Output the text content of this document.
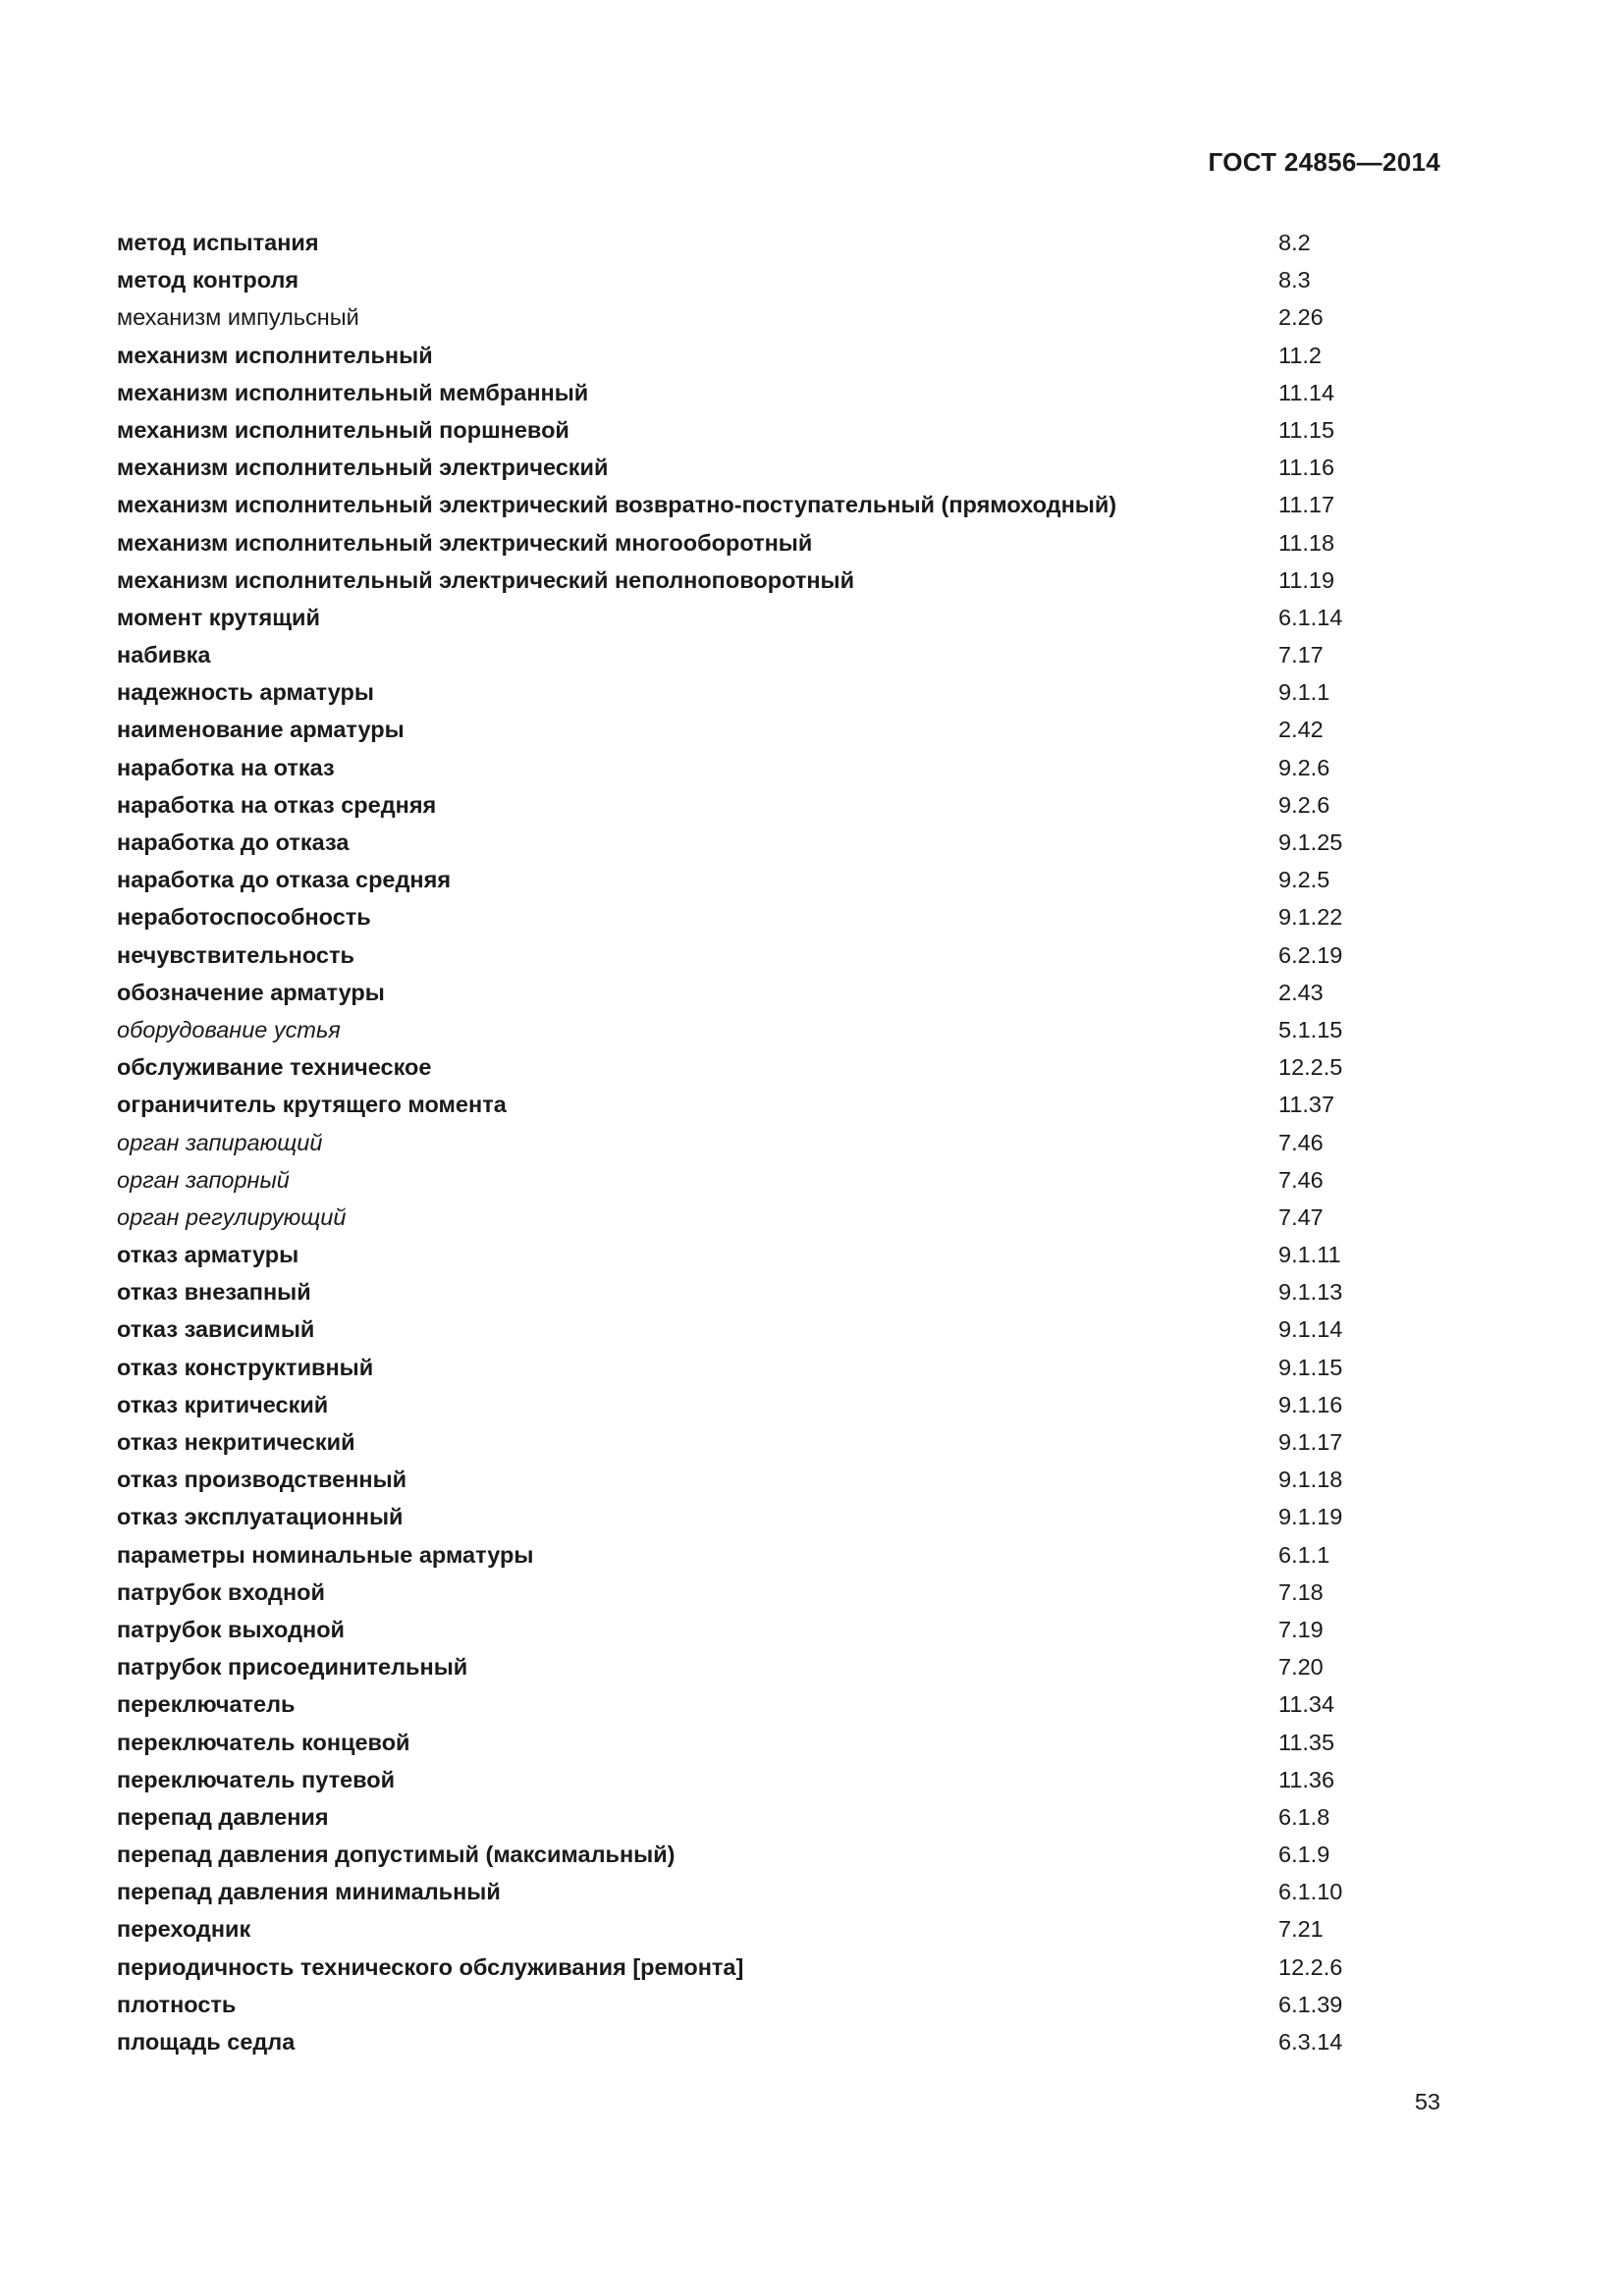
ГОСТ 24856—2014
метод испытания	8.2
метод контроля	8.3
механизм импульсный	2.26
механизм исполнительный	11.2
механизм исполнительный мембранный	11.14
механизм исполнительный поршневой	11.15
механизм исполнительный электрический	11.16
механизм исполнительный электрический возвратно-поступательный (прямоходный)	11.17
механизм исполнительный электрический многооборотный	11.18
механизм исполнительный электрический неполноповоротный	11.19
момент крутящий	6.1.14
набивка	7.17
надежность арматуры	9.1.1
наименование арматуры	2.42
наработка на отказ	9.2.6
наработка на отказ средняя	9.2.6
наработка до отказа	9.1.25
наработка до отказа средняя	9.2.5
неработоспособность	9.1.22
нечувствительность	6.2.19
обозначение арматуры	2.43
оборудование устья	5.1.15
обслуживание техническое	12.2.5
ограничитель крутящего момента	11.37
орган запирающий	7.46
орган запорный	7.46
орган регулирующий	7.47
отказ арматуры	9.1.11
отказ внезапный	9.1.13
отказ зависимый	9.1.14
отказ конструктивный	9.1.15
отказ критический	9.1.16
отказ некритический	9.1.17
отказ производственный	9.1.18
отказ эксплуатационный	9.1.19
параметры номинальные арматуры	6.1.1
патрубок входной	7.18
патрубок выходной	7.19
патрубок присоединительный	7.20
переключатель	11.34
переключатель концевой	11.35
переключатель путевой	11.36
перепад давления	6.1.8
перепад давления допустимый (максимальный)	6.1.9
перепад давления минимальный	6.1.10
переходник	7.21
периодичность технического обслуживания [ремонта]	12.2.6
плотность	6.1.39
площадь седла	6.3.14
53
